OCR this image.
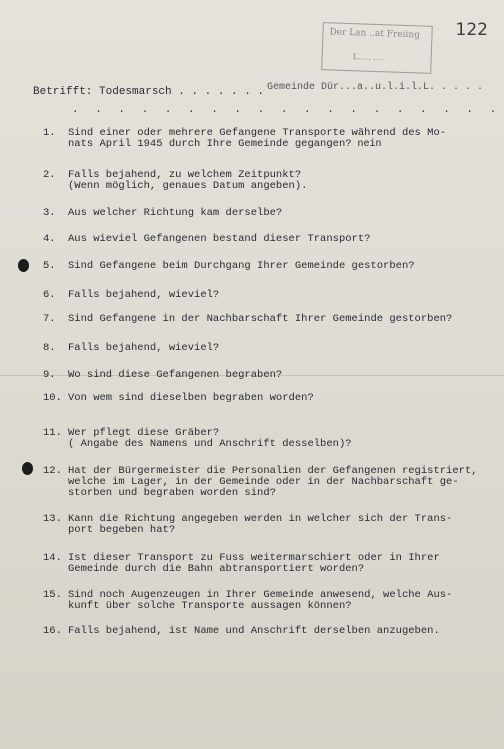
122
Der Lan ..at Freiing
L..... ....
Betrifft: Todesmarsch . . . . . . . Gemeinde Dür...a..u.l.i.l.L. . . . .
. . . . . . . . . . . . . . . . . . .
1. Sind einer oder mehrere Gefangene Transporte während des Mo-
nats April 1945 durch Ihre Gemeinde gegangen? nein
2. Falls bejahend, zu welchem Zeitpunkt?
(Wenn möglich, genaues Datum angeben).
3. Aus welcher Richtung kam derselbe?
4. Aus wieviel Gefangenen bestand dieser Transport?
5. Sind Gefangene beim Durchgang Ihrer Gemeinde gestorben?
6. Falls bejahend, wieviel?
7. Sind Gefangene in der Nachbarschaft Ihrer Gemeinde gestorben?
8. Falls bejahend, wieviel?
9. Wo sind diese Gefangenen begraben?
10. Von wem sind dieselben begraben worden?
11. Wer pflegt diese Gräber?
( Angabe des Namens und Anschrift desselben)?
12. Hat der Bürgermeister die Personalien der Gefangenen registriert,
welche im Lager, in der Gemeinde oder in der Nachbarschaft ge-
storben und begraben worden sind?
13. Kann die Richtung angegeben werden in welcher sich der Trans-
port begeben hat?
14. Ist dieser Transport zu Fuss weitermarschiert oder in Ihrer
Gemeinde durch die Bahn abtransportiert worden?
15. Sind noch Augenzeugen in Ihrer Gemeinde anwesend, welche Aus-
kunft über solche Transporte aussagen können?
16. Falls bejahend, ist Name und Anschrift derselben anzugeben.
